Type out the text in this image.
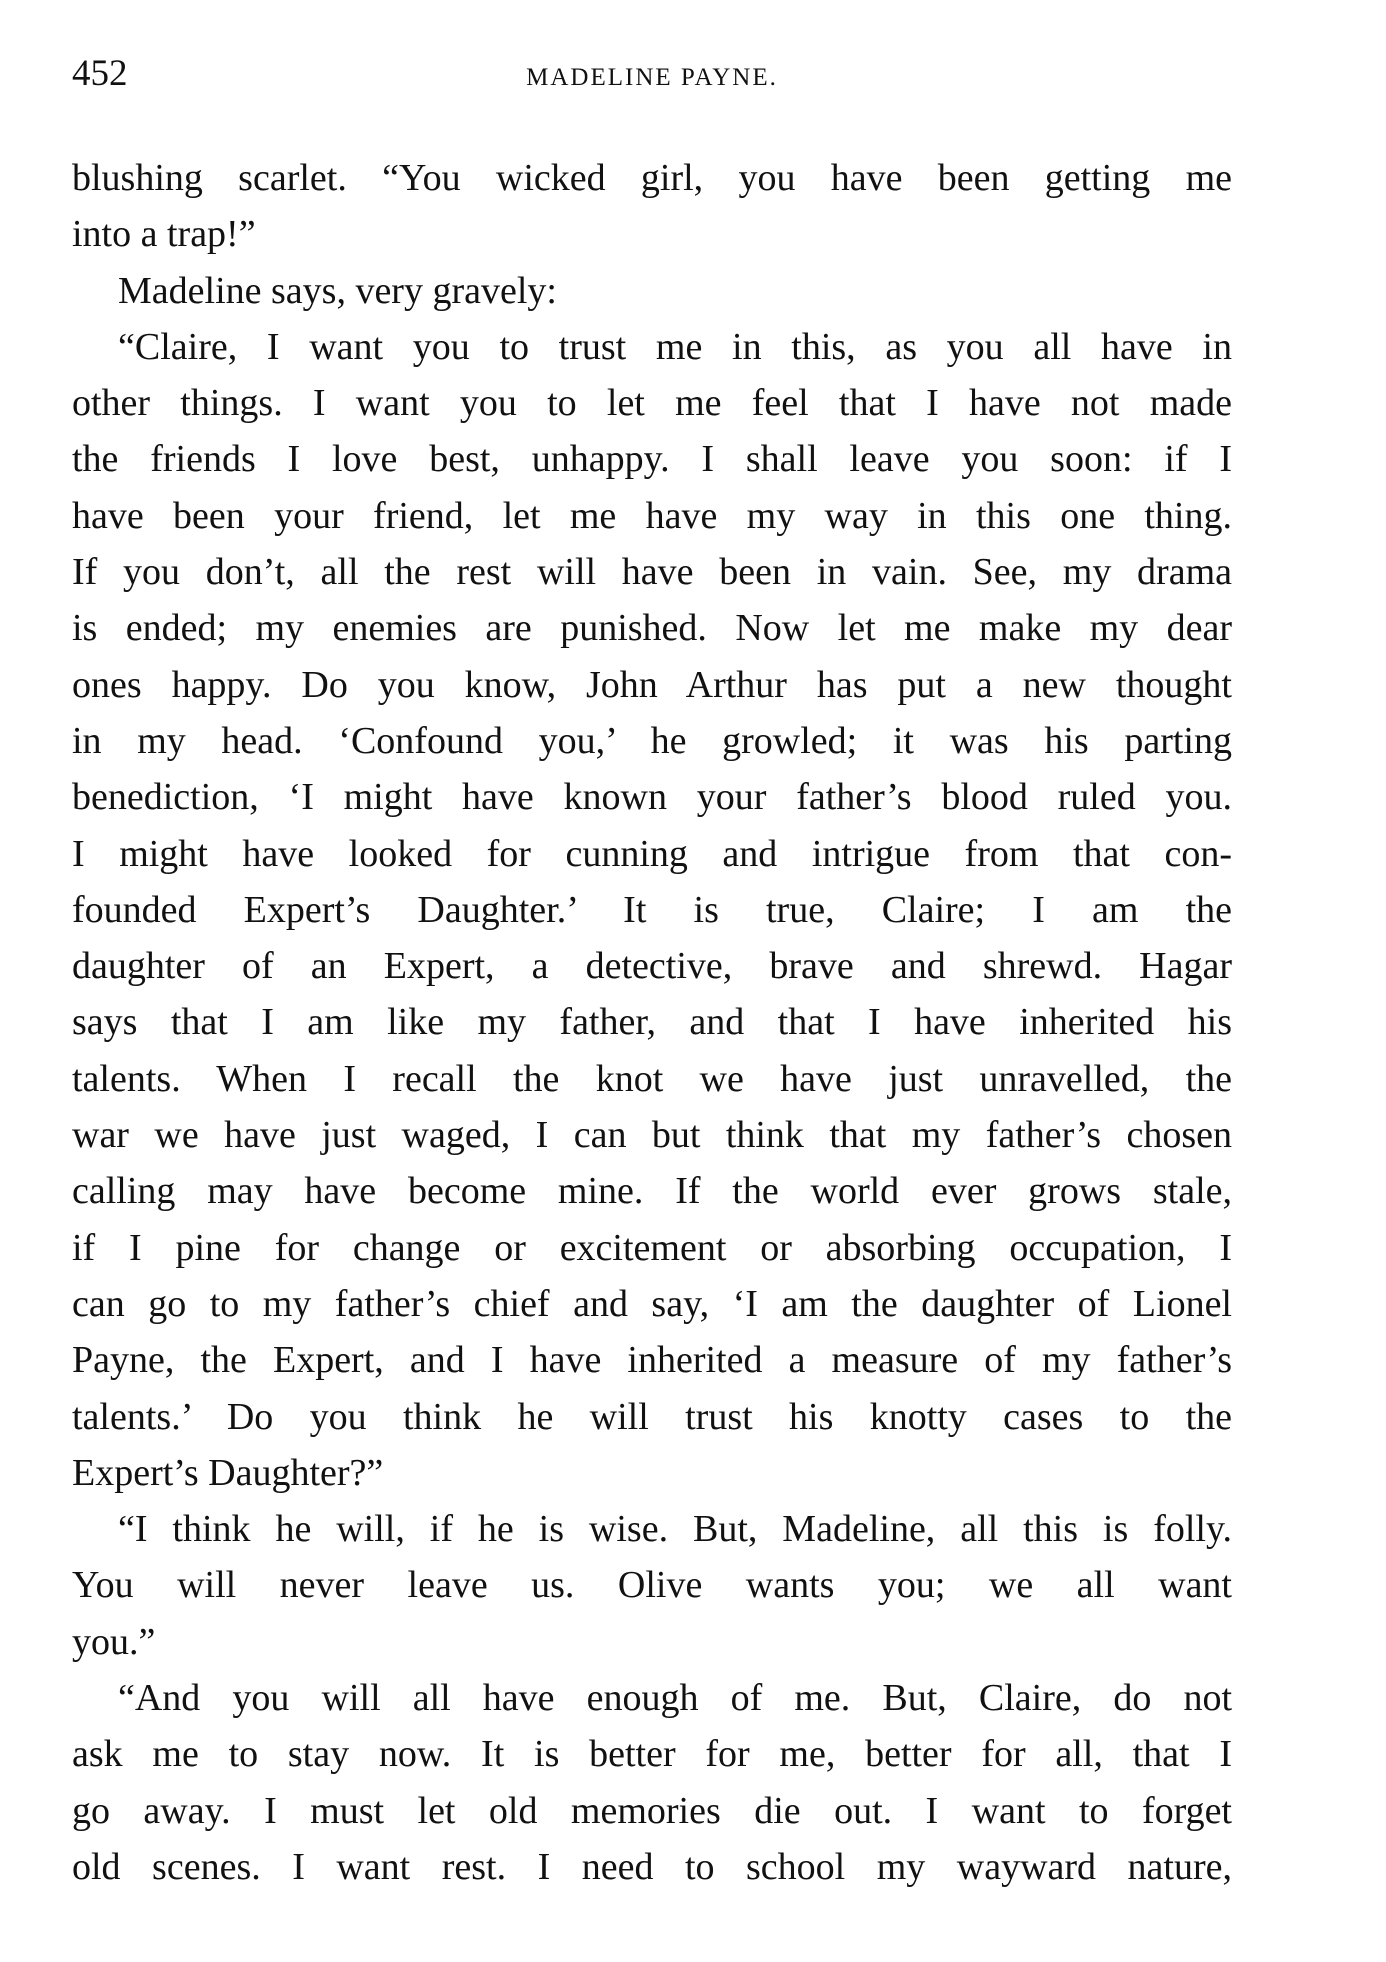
452	MADELINE PAYNE.
blushing scarlet. “You wicked girl, you have been getting me
into a trap!”
Madeline says, very gravely:
“Claire, I want you to trust me in this, as you all have in
other things. I want you to let me feel that I have not made
the friends I love best, unhappy. I shall leave you soon: if I
have been your friend, let me have my way in this one thing.
If you don’t, all the rest will have been in vain. See, my drama
is ended; my enemies are punished. Now let me make my dear
ones happy. Do you know, John Arthur has put a new thought
in my head. ‘Confound you,’ he growled; it was his parting
benediction, ‘I might have known your father’s blood ruled you.
I might have looked for cunning and intrigue from that con-
founded Expert’s Daughter.’ It is true, Claire; I am the
daughter of an Expert, a detective, brave and shrewd. Hagar
says that I am like my father, and that I have inherited his
talents. When I recall the knot we have just unravelled, the
war we have just waged, I can but think that my father’s chosen
calling may have become mine. If the world ever grows stale,
if I pine for change or excitement or absorbing occupation, I
can go to my father’s chief and say, ‘I am the daughter of Lionel
Payne, the Expert, and I have inherited a measure of my father’s
talents.’ Do you think he will trust his knotty cases to the
Expert’s Daughter?”
“I think he will, if he is wise. But, Madeline, all this is folly.
You will never leave us. Olive wants you; we all want
you.”
“And you will all have enough of me. But, Claire, do not
ask me to stay now. It is better for me, better for all, that I
go away. I must let old memories die out. I want to forget
old scenes. I want rest. I need to school my wayward nature,
